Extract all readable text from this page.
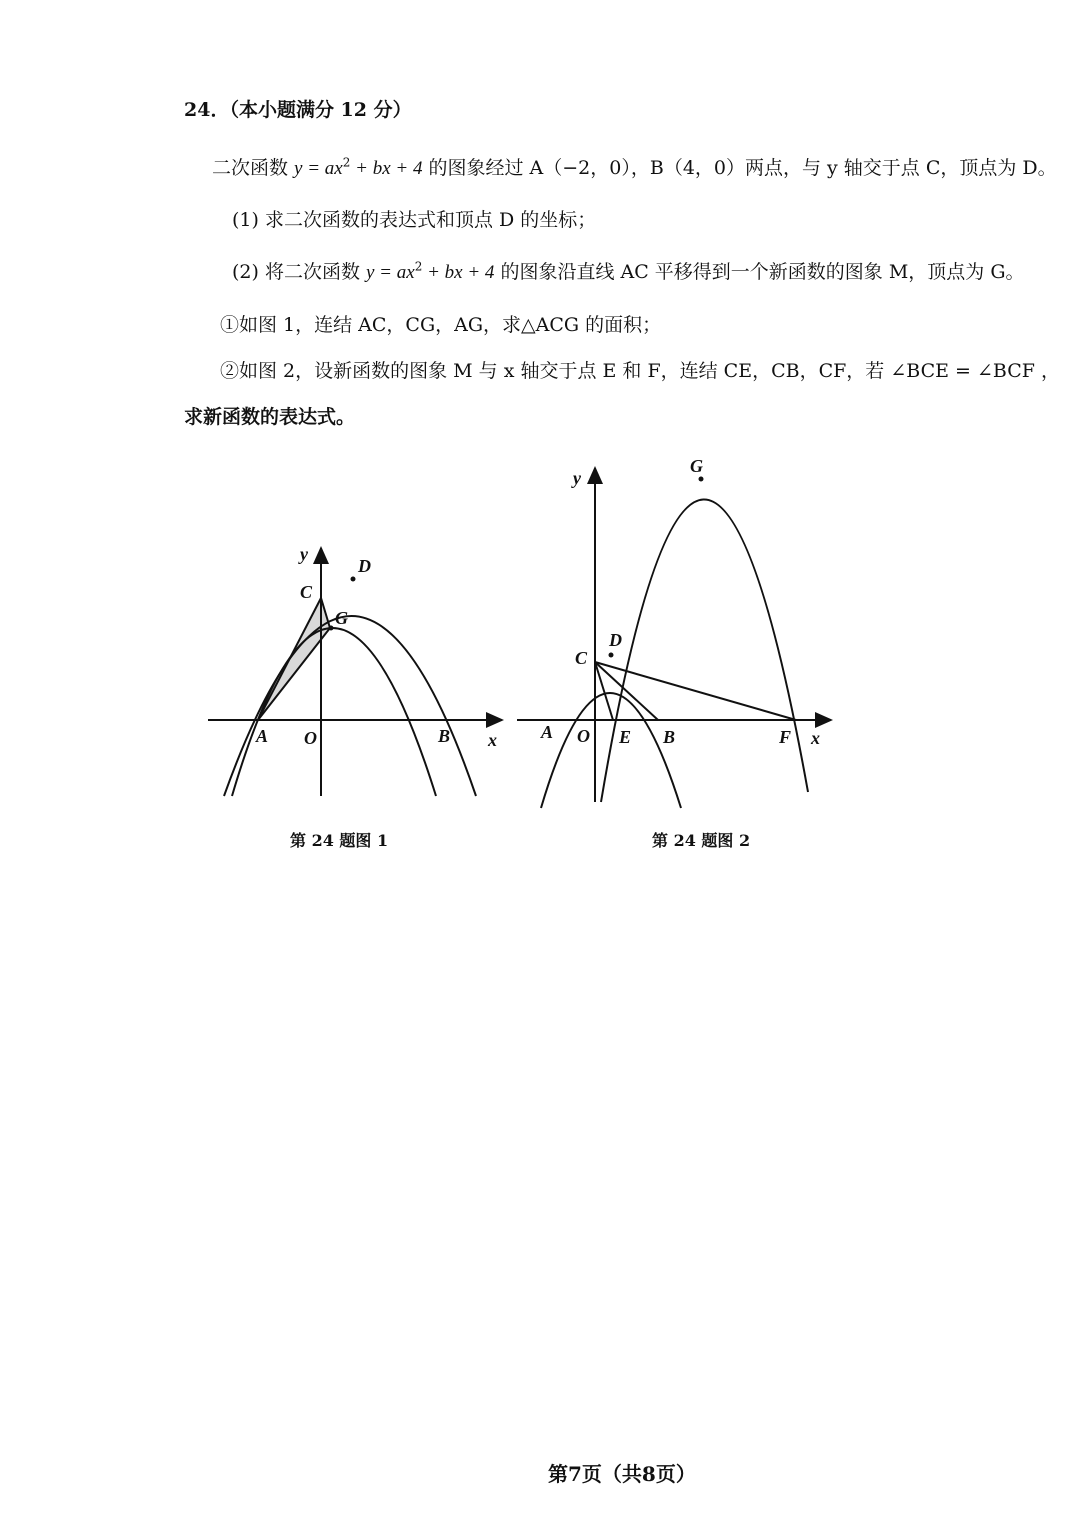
24．（本小题满分 12 分）
二次函数 $y = ax^2$ + bx + 4 的图象经过 A（−2，0），B（4，0）两点，与 y 轴交于点 C，顶点为 D。
(1) 求二次函数的表达式和顶点 D 的坐标；
(2) 将二次函数 $y = ax^2$ + bx + 4 的图象沿直线 AC 平移得到一个新函数的图象 M，顶点为 G。
①如图 1，连结 AC，CG，AG，求△ACG 的面积；
②如图 2，设新函数的图象 M 与 x 轴交于点 E 和 F，连结 CE，CB，CF，若 ∠BCE = ∠BCF ，
求新函数的表达式。
y
D
C
G
A O	B x
第 24 题图 1
y
G
D
C
A O E B	F x
第 24 题图 2
第7页（共8页）
